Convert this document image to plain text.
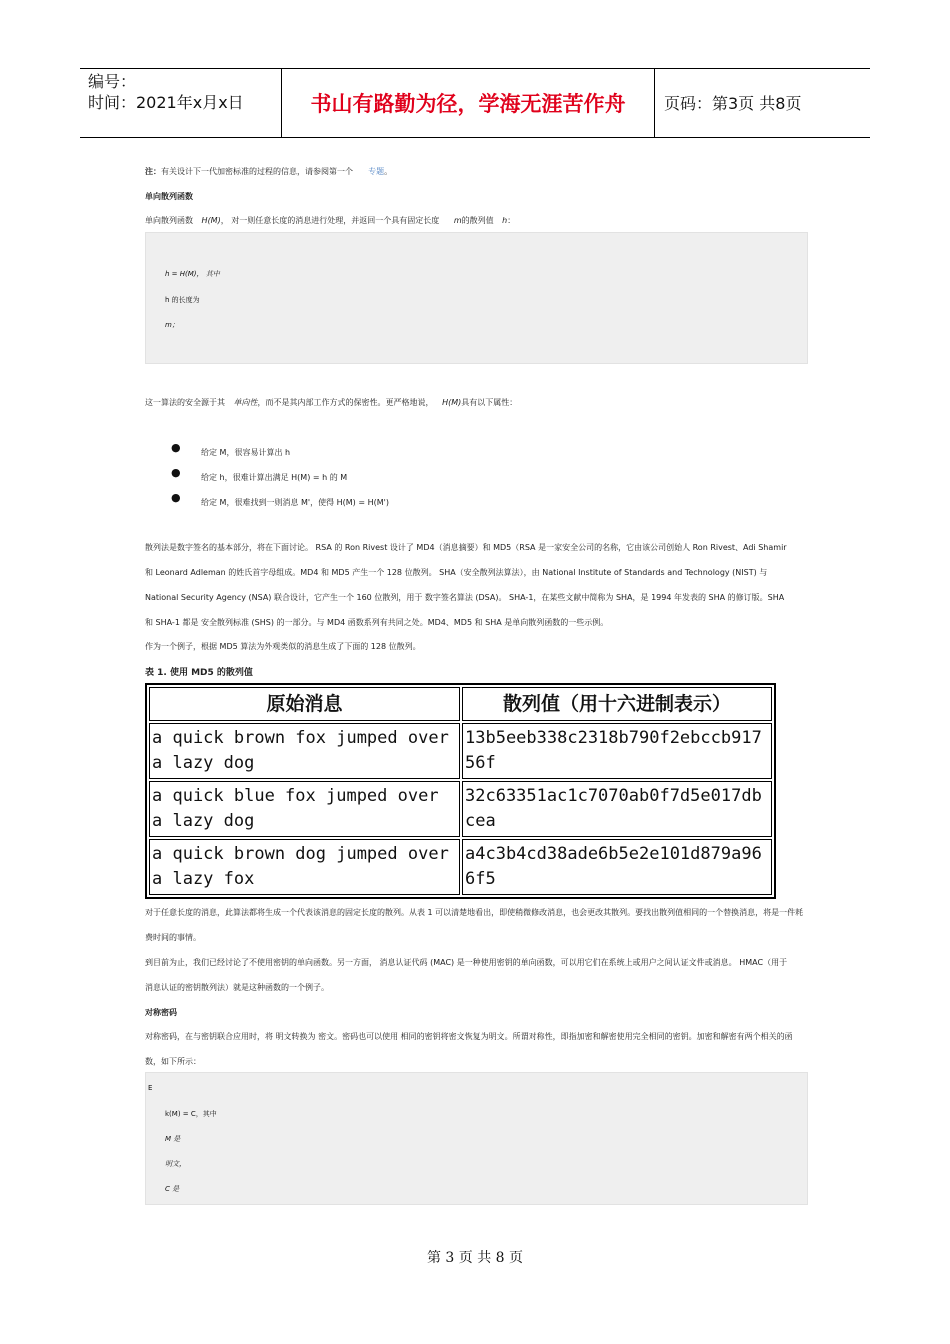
编号：
时间：2021年x月x日	书山有路勤为径，学海无涯苦作舟	页码：第3页 共8页
注：有关设计下一代加密标准的过程的信息，请参阅第一个 专题。
单向散列函数
单向散列函数 H(M)， 对一则任意长度的消息进行处理，并返回一个具有固定长度 m的散列值 h：
h = H(M)， 其中
h 的长度为
m；
这一算法的安全源于其 单向性，而不是其内部工作方式的保密性。更严格地说， H(M)具有以下属性：
●	给定 M，很容易计算出 h
●	给定 h，很难计算出满足 H(M) = h 的 M
●	给定 M，很难找到一则消息 M'，使得 H(M) = H(M')
散列法是数字签名的基本部分，将在下面讨论。 RSA 的 Ron Rivest 设计了 MD4（消息摘要）和 MD5（RSA 是一家安全公司的名称，它由该公司创始人 Ron Rivest、Adi Shamir
和 Leonard Adleman 的姓氏首字母组成。MD4 和 MD5 产生一个 128 位散列。 SHA（安全散列法算法），由 National Institute of Standards and Technology (NIST) 与
National Security Agency (NSA) 联合设计，它产生一个 160 位散列，用于 数字签名算法 (DSA)。 SHA-1，在某些文献中简称为 SHA，是 1994 年发表的 SHA 的修订版。SHA
和 SHA-1 都是 安全散列标准 (SHS) 的一部分。与 MD4 函数系列有共同之处。MD4、MD5 和 SHA 是单向散列函数的一些示例。
作为一个例子，根据 MD5 算法为外观类似的消息生成了下面的 128 位散列。
表 1. 使用 MD5 的散列值
原始消息	散列值（用十六进制表示）
a quick brown fox jumped over a lazy dog	13b5eeb338c2318b790f2ebccb91756f
a quick blue fox jumped over a lazy dog	32c63351ac1c7070ab0f7d5e017dbcea
a quick brown dog jumped over a lazy fox	a4c3b4cd38ade6b5e2e101d879a966f5
对于任意长度的消息，此算法都将生成一个代表该消息的固定长度的散列。从表 1 可以清楚地看出，即使稍微修改消息，也会更改其散列。要找出散列值相同的一个替换消息，将是一件耗
费时间的事情。
到目前为止，我们已经讨论了不使用密钥的单向函数。另一方面， 消息认证代码 (MAC) 是一种使用密钥的单向函数，可以用它们在系统上或用户之间认证文件或消息。 HMAC（用于
消息认证的密钥散列法）就是这种函数的一个例子。
对称密码
对称密码，在与密钥联合应用时，将 明文转换为 密文。密码也可以使用 相同的密钥将密文恢复为明文。所谓对称性，即指加密和解密使用完全相同的密钥。加密和解密有两个相关的函
数，如下所示：
E
k(M) = C，其中
M 是
明文，
C 是
第 3 页 共 8 页
